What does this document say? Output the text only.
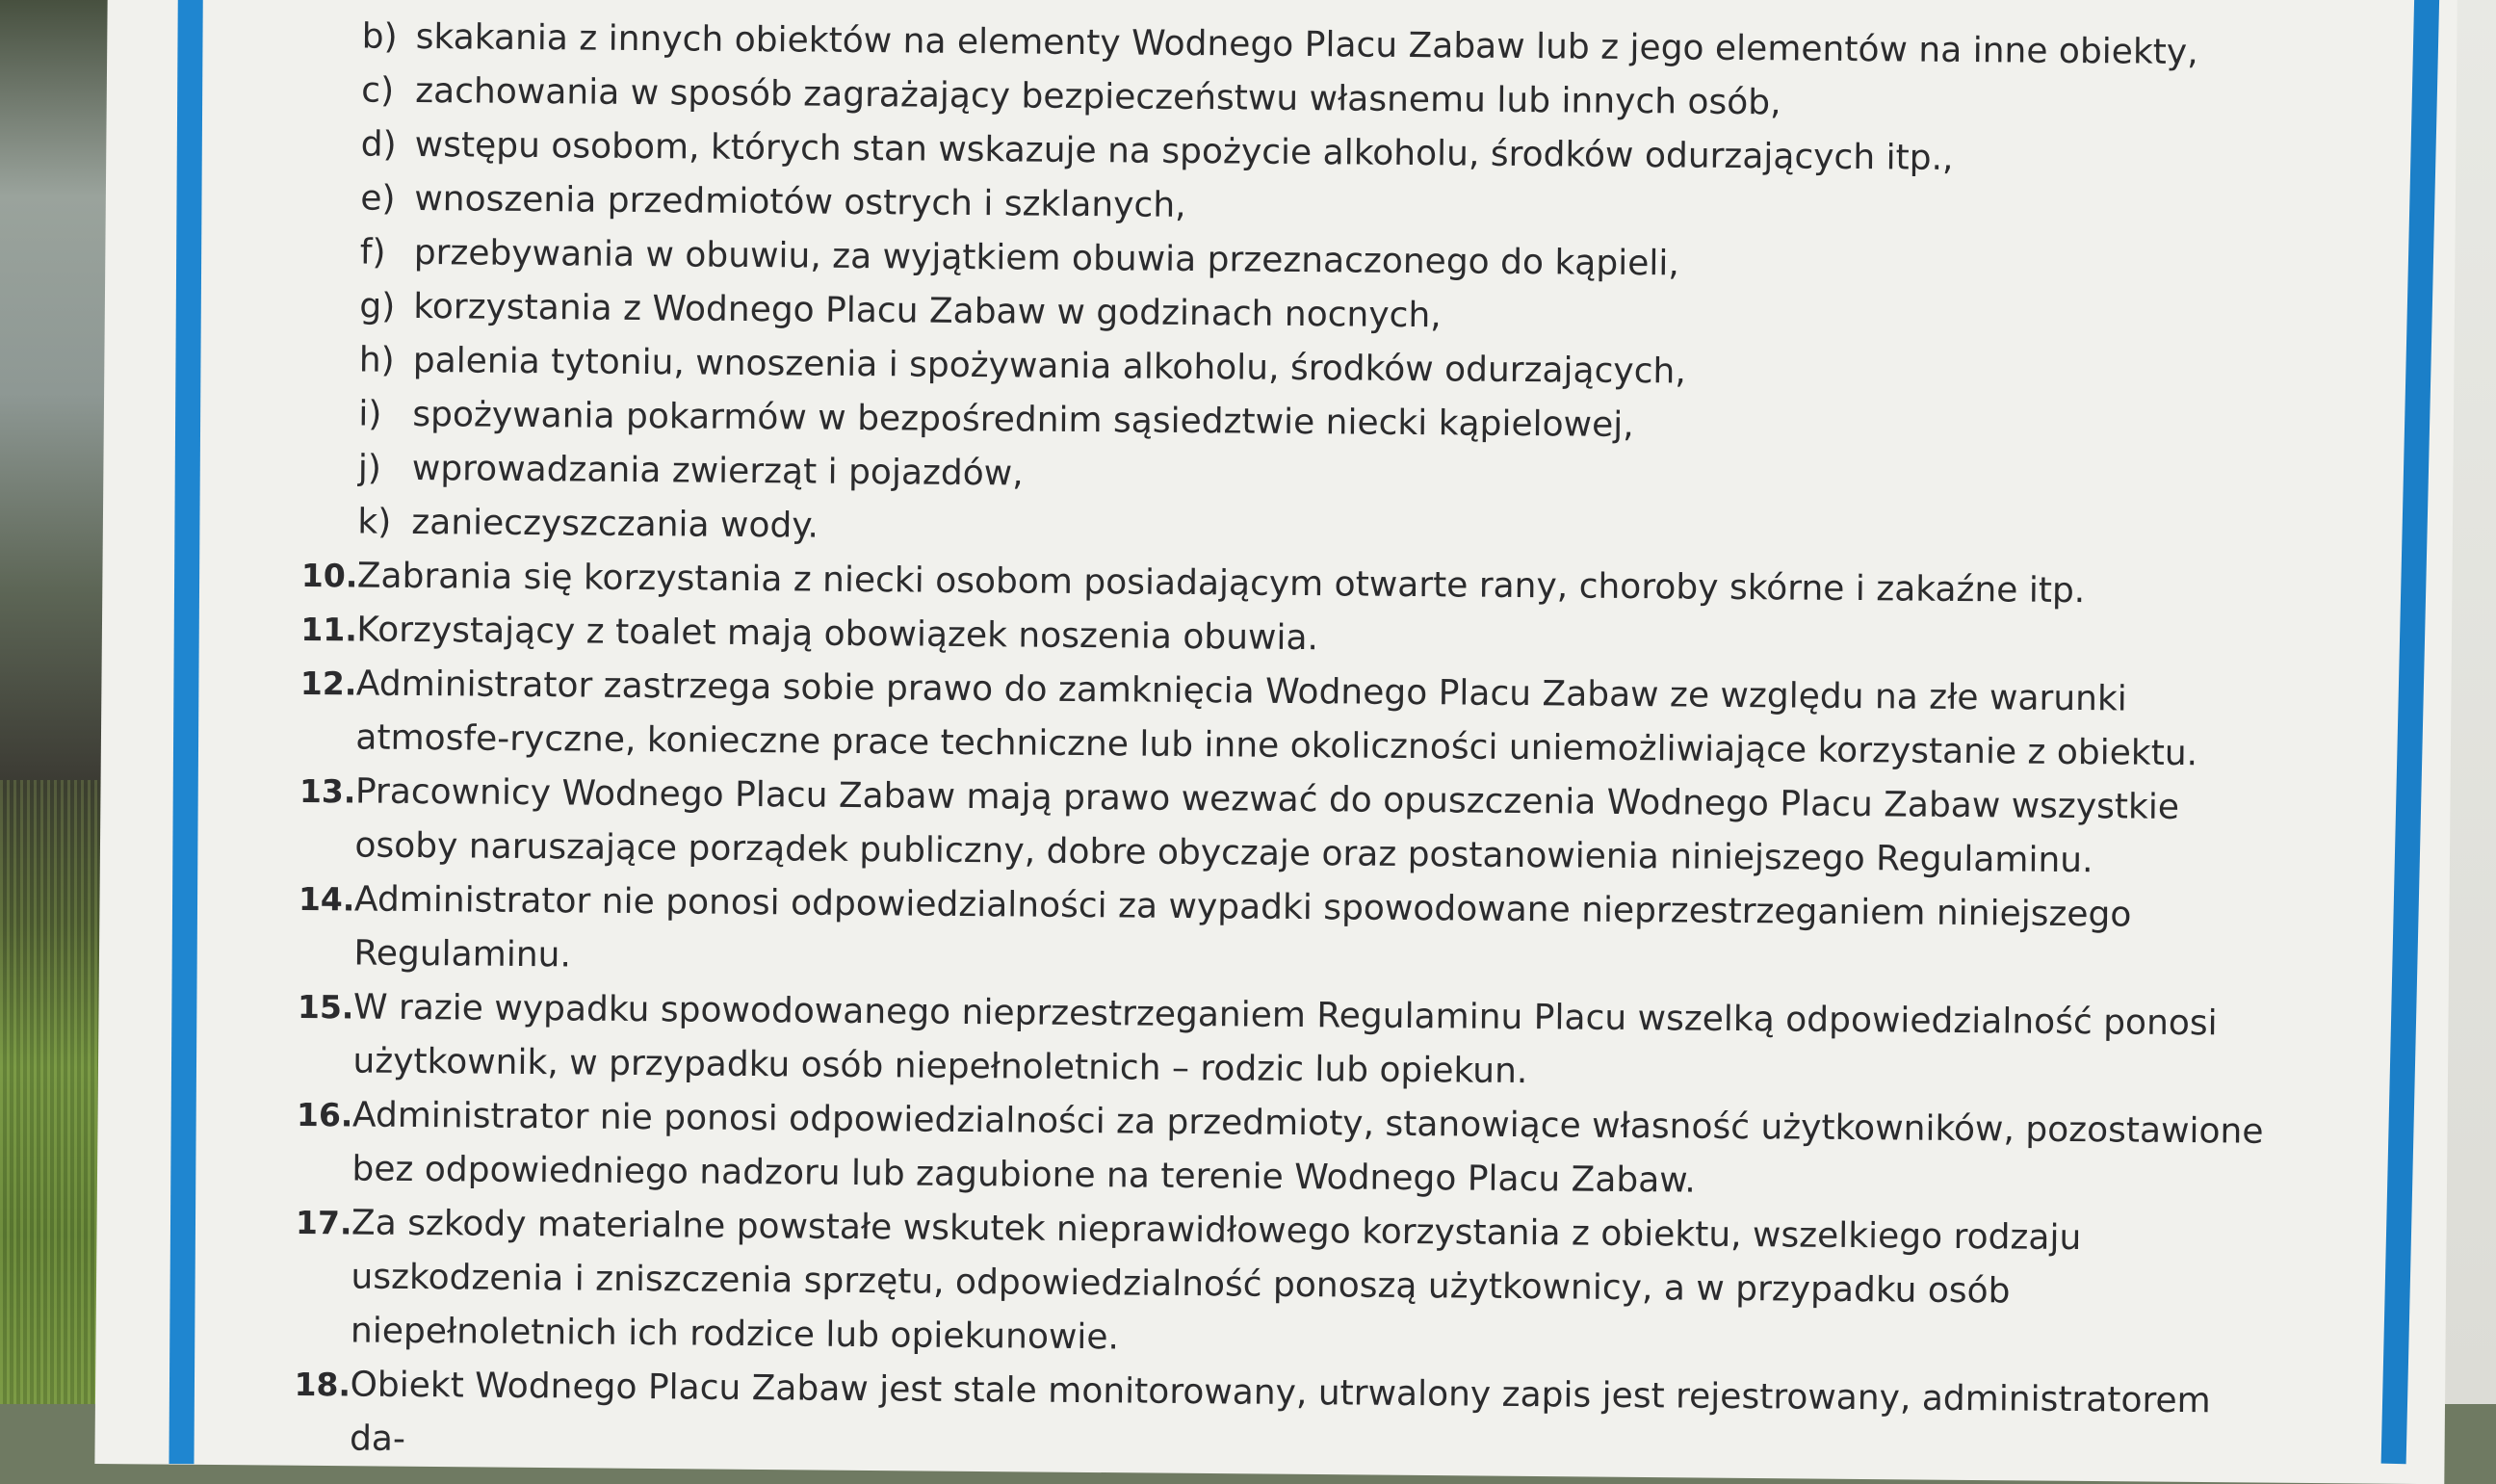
b) skakania z innych obiektów na elementy Wodnego Placu Zabaw lub z jego elementów na inne obiekty,
c) zachowania w sposób zagrażający bezpieczeństwu własnemu lub innych osób,
d) wstępu osobom, których stan wskazuje na spożycie alkoholu, środków odurzających itp.,
e) wnoszenia przedmiotów ostrych i szklanych,
f) przebywania w obuwiu, za wyjątkiem obuwia przeznaczonego do kąpieli,
g) korzystania z Wodnego Placu Zabaw w godzinach nocnych,
h) palenia tytoniu, wnoszenia i spożywania alkoholu, środków odurzających,
i) spożywania pokarmów w bezpośrednim sąsiedztwie niecki kąpielowej,
j) wprowadzania zwierząt i pojazdów,
k) zanieczyszczania wody.
10. Zabrania się korzystania z niecki osobom posiadającym otwarte rany, choroby skórne i zakaźne itp.
11. Korzystający z toalet mają obowiązek noszenia obuwia.
12. Administrator zastrzega sobie prawo do zamknięcia Wodnego Placu Zabaw ze względu na złe warunki atmosfe-ryczne, konieczne prace techniczne lub inne okoliczności uniemożliwiające korzystanie z obiektu.
13. Pracownicy Wodnego Placu Zabaw mają prawo wezwać do opuszczenia Wodnego Placu Zabaw wszystkie osoby naruszające porządek publiczny, dobre obyczaje oraz postanowienia niniejszego Regulaminu.
14. Administrator nie ponosi odpowiedzialności za wypadki spowodowane nieprzestrzeganiem niniejszego Regulaminu.
15. W razie wypadku spowodowanego nieprzestrzeganiem Regulaminu Placu wszelką odpowiedzialność ponosi użytkownik, w przypadku osób niepełnoletnich – rodzic lub opiekun.
16. Administrator nie ponosi odpowiedzialności za przedmioty, stanowiące własność użytkowników, pozostawione bez odpowiedniego nadzoru lub zagubione na terenie Wodnego Placu Zabaw.
17. Za szkody materialne powstałe wskutek nieprawidłowego korzystania z obiektu, wszelkiego rodzaju uszkodzenia i zniszczenia sprzętu, odpowiedzialność ponoszą użytkownicy, a w przypadku osób niepełnoletnich ich rodzice lub opiekunowie.
18. Obiekt Wodnego Placu Zabaw jest stale monitorowany, utrwalony zapis jest rejestrowany, administratorem da-
